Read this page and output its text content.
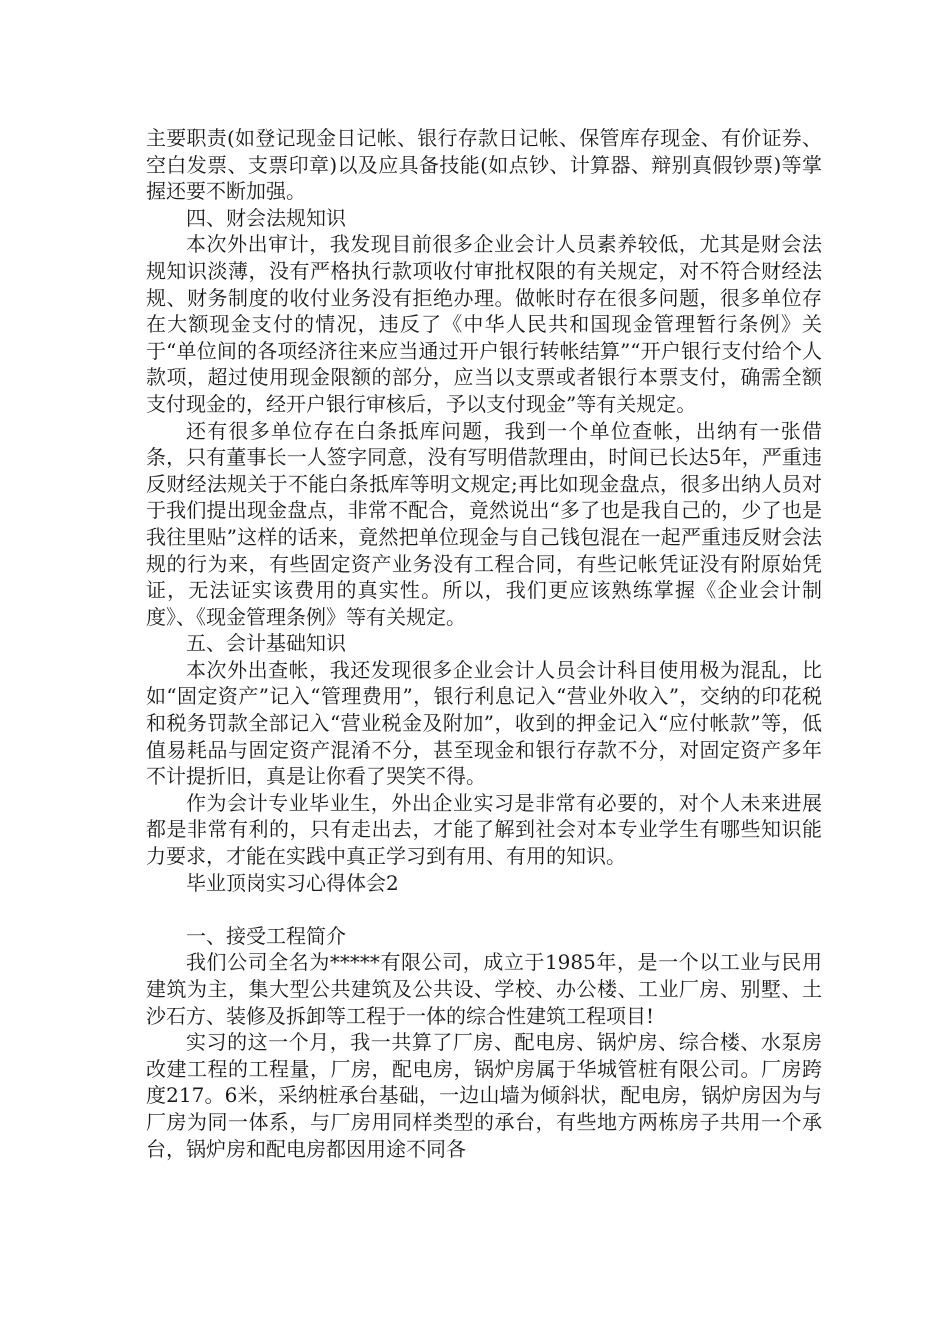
主要职责(如登记现金日记帐、银行存款日记帐、保管库存现金、有价证券、空白发票、支票印章)以及应具备技能(如点钞、计算器、辩别真假钞票)等掌握还要不断加强。

四、财会法规知识

本次外出审计，我发现目前很多企业会计人员素养较低，尤其是财会法规知识淡薄，没有严格执行款项收付审批权限的有关规定，对不符合财经法规、财务制度的收付业务没有拒绝办理。做帐时存在很多问题，很多单位存在大额现金支付的情况，违反了《中华人民共和国现金管理暂行条例》关于“单位间的各项经济往来应当通过开户银行转帐结算”“开户银行支付给个人款项，超过使用现金限额的部分，应当以支票或者银行本票支付，确需全额支付现金的，经开户银行审核后，予以支付现金”等有关规定。

还有很多单位存在白条抵库问题，我到一个单位查帐，出纳有一张借条，只有董事长一人签字同意，没有写明借款理由，时间已长达5年，严重违反财经法规关于不能白条抵库等明文规定;再比如现金盘点，很多出纳人员对于我们提出现金盘点，非常不配合，竟然说出“多了也是我自己的，少了也是我往里贴”这样的话来，竟然把单位现金与自己钱包混在一起严重违反财会法规的行为来，有些固定资产业务没有工程合同，有些记帐凭证没有附原始凭证，无法证实该费用的真实性。所以，我们更应该熟练掌握《企业会计制度》、《现金管理条例》等有关规定。

五、会计基础知识

本次外出查帐，我还发现很多企业会计人员会计科目使用极为混乱，比如“固定资产”记入“管理费用”，银行利息记入“营业外收入”，交纳的印花税和税务罚款全部记入“营业税金及附加”，收到的押金记入“应付帐款”等，低值易耗品与固定资产混淆不分，甚至现金和银行存款不分，对固定资产多年不计提折旧，真是让你看了哭笑不得。

作为会计专业毕业生，外出企业实习是非常有必要的，对个人未来进展都是非常有利的，只有走出去，才能了解到社会对本专业学生有哪些知识能力要求，才能在实践中真正学习到有用、有用的知识。

毕业顶岗实习心得体会2

一、接受工程简介

我们公司全名为*****有限公司，成立于1985年，是一个以工业与民用建筑为主，集大型公共建筑及公共设、学校、办公楼、工业厂房、别墅、土沙石方、装修及拆卸等工程于一体的综合性建筑工程项目!

实习的这一个月，我一共算了厂房、配电房、锅炉房、综合楼、水泵房改建工程的工程量，厂房，配电房，锅炉房属于华城管桩有限公司。厂房跨度217。6米，采纳桩承台基础，一边山墙为倾斜状，配电房，锅炉房因为与厂房为同一体系，与厂房用同样类型的承台，有些地方两栋房子共用一个承台，锅炉房和配电房都因用途不同各
